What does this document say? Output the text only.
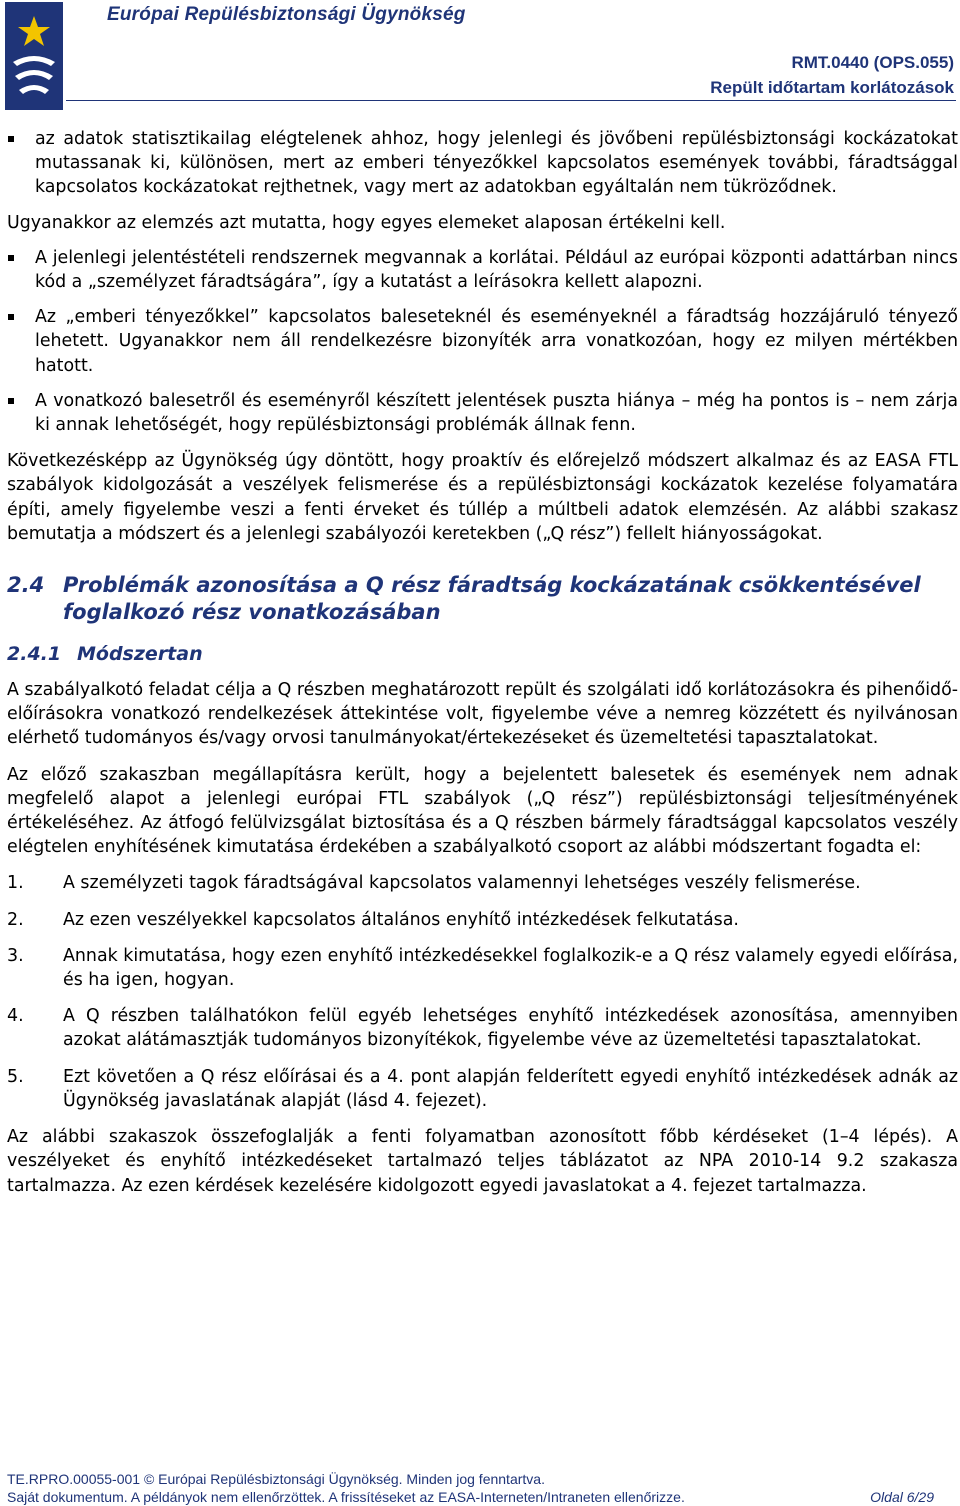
Európai Repülésbiztonsági Ügynökség
RMT.0440 (OPS.055)
Repült időtartam korlátozások
az adatok statisztikailag elégtelenek ahhoz, hogy jelenlegi és jövőbeni repülésbiztonsági kockázatokat mutassanak ki, különösen, mert az emberi tényezőkkel kapcsolatos események további, fáradtsággal kapcsolatos kockázatokat rejthetnek, vagy mert az adatokban egyáltalán nem tükröződnek.

Ugyanakkor az elemzés azt mutatta, hogy egyes elemeket alaposan értékelni kell.

A jelenlegi jelentéstételi rendszernek megvannak a korlátai. Például az európai központi adattárban nincs kód a „személyzet fáradtságára”, így a kutatást a leírásokra kellett alapozni.
Az „emberi tényezőkkel” kapcsolatos baleseteknél és eseményeknél a fáradtság hozzájáruló tényező lehetett. Ugyanakkor nem áll rendelkezésre bizonyíték arra vonatkozóan, hogy ez milyen mértékben hatott.
A vonatkozó balesetről és eseményről készített jelentések puszta hiánya – még ha pontos is – nem zárja ki annak lehetőségét, hogy repülésbiztonsági problémák állnak fenn.

Következésképp az Ügynökség úgy döntött, hogy proaktív és előrejelző módszert alkalmaz és az EASA FTL szabályok kidolgozását a veszélyek felismerése és a repülésbiztonsági kockázatok kezelése folyamatára építi, amely figyelembe veszi a fenti érveket és túllép a múltbeli adatok elemzésén. Az alábbi szakasz bemutatja a módszert és a jelenlegi szabályozói keretekben („Q rész”) fellelt hiányosságokat.

2.4 Problémák azonosítása a Q rész fáradtság kockázatának csökkentésével foglalkozó rész vonatkozásában
2.4.1 Módszertan

A szabályalkotó feladat célja a Q részben meghatározott repült és szolgálati idő korlátozásokra és pihenőidő-előírásokra vonatkozó rendelkezések áttekintése volt, figyelembe véve a nemreg közzétett és nyilvánosan elérhető tudományos és/vagy orvosi tanulmányokat/értekezéseket és üzemeltetési tapasztalatokat.

Az előző szakaszban megállapításra került, hogy a bejelentett balesetek és események nem adnak megfelelő alapot a jelenlegi európai FTL szabályok („Q rész”) repülésbiztonsági teljesítményének értékeléséhez. Az átfogó felülvizsgálat biztosítása és a Q részben bármely fáradtsággal kapcsolatos veszély elégtelen enyhítésének kimutatása érdekében a szabályalkotó csoport az alábbi módszertant fogadta el:

1. A személyzeti tagok fáradtságával kapcsolatos valamennyi lehetséges veszély felismerése.
2. Az ezen veszélyekkel kapcsolatos általános enyhítő intézkedések felkutatása.
3. Annak kimutatása, hogy ezen enyhítő intézkedésekkel foglalkozik-e a Q rész valamely egyedi előírása, és ha igen, hogyan.
4. A Q részben találhatókon felül egyéb lehetséges enyhítő intézkedések azonosítása, amennyiben azokat alátámasztják tudományos bizonyítékok, figyelembe véve az üzemeltetési tapasztalatokat.
5. Ezt követően a Q rész előírásai és a 4. pont alapján felderített egyedi enyhítő intézkedések adnák az Ügynökség javaslatának alapját (lásd 4. fejezet).

Az alábbi szakaszok összefoglalják a fenti folyamatban azonosított főbb kérdéseket (1–4 lépés). A veszélyeket és enyhítő intézkedéseket tartalmazó teljes táblázatot az NPA 2010-14 9.2 szakasza tartalmazza. Az ezen kérdések kezelésére kidolgozott egyedi javaslatokat a 4. fejezet tartalmazza.

TE.RPRO.00055-001 © Európai Repülésbiztonsági Ügynökség. Minden jog fenntartva.
Saját dokumentum. A példányok nem ellenőrzöttek. A frissítéseket az EASA-Interneten/Intraneten ellenőrizze.	Oldal 6/29
